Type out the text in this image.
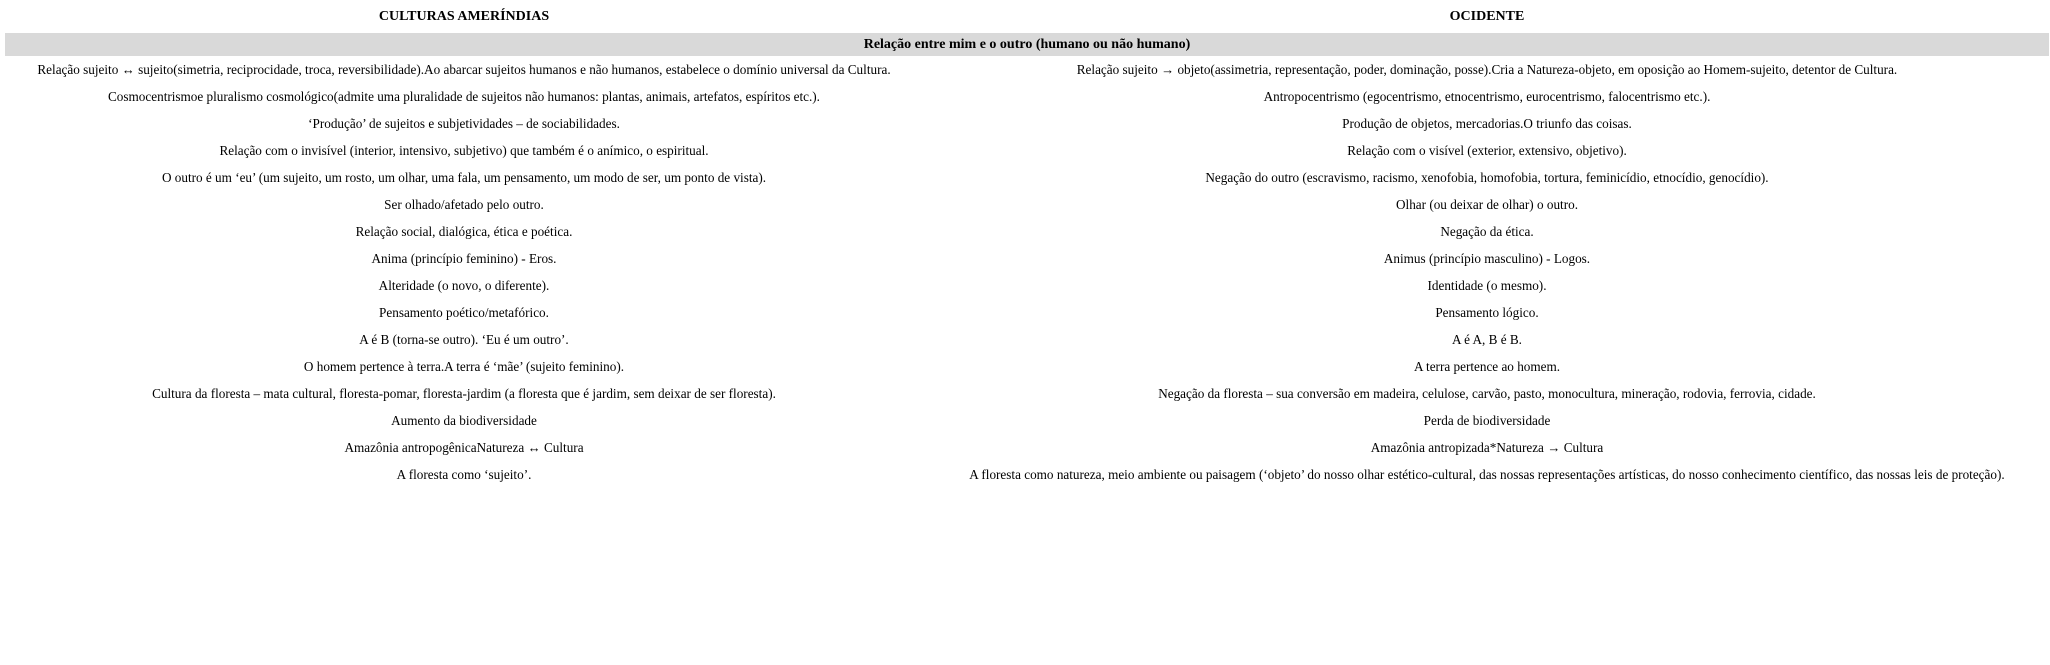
CULTURAS AMERÍNDIAS	OCIDENTE
Relação entre mim e o outro (humano ou não humano)	
Relação sujeito ↔ sujeito(simetria, reciprocidade, troca, reversibilidade).Ao abarcar sujeitos humanos e não humanos, estabelece o domínio universal da Cultura.	Relação sujeito → objeto(assimetria, representação, poder, dominação, posse).Cria a Natureza-objeto, em oposição ao Homem-sujeito, detentor de Cultura.
Cosmocentrismoe pluralismo cosmológico(admite uma pluralidade de sujeitos não humanos: plantas, animais, artefatos, espíritos etc.).	Antropocentrismo (egocentrismo, etnocentrismo, eurocentrismo, falocentrismo etc.).
‘Produção’ de sujeitos e subjetividades – de sociabilidades.	Produção de objetos, mercadorias.O triunfo das coisas.
Relação com o invisível (interior, intensivo, subjetivo) que também é o anímico, o espiritual.	Relação com o visível (exterior, extensivo, objetivo).
O outro é um ‘eu’ (um sujeito, um rosto, um olhar, uma fala, um pensamento, um modo de ser, um ponto de vista).	Negação do outro (escravismo, racismo, xenofobia, homofobia, tortura, feminicídio, etnocídio, genocídio).
Ser olhado/afetado pelo outro.	Olhar (ou deixar de olhar) o outro.
Relação social, dialógica, ética e poética.	Negação da ética.
Anima (princípio feminino) - Eros.	Animus (princípio masculino) - Logos.
Alteridade (o novo, o diferente).	Identidade (o mesmo).
Pensamento poético/metafórico.	Pensamento lógico.
A é B (torna-se outro). ‘Eu é um outro’.	A é A, B é B.
O homem pertence à terra.A terra é ‘mãe’ (sujeito feminino).	A terra pertence ao homem.
Cultura da floresta – mata cultural, floresta-pomar, floresta-jardim (a floresta que é jardim, sem deixar de ser floresta).	Negação da floresta – sua conversão em madeira, celulose, carvão, pasto, monocultura, mineração, rodovia, ferrovia, cidade.
Aumento da biodiversidade	Perda de biodiversidade
Amazônia antropogênicaNatureza ↔ Cultura	Amazônia antropizada*Natureza → Cultura
A floresta como ‘sujeito’.	A floresta como natureza, meio ambiente ou paisagem (‘objeto’ do nosso olhar estético-cultural, das nossas representações artísticas, do nosso conhecimento científico, das nossas leis de proteção).
